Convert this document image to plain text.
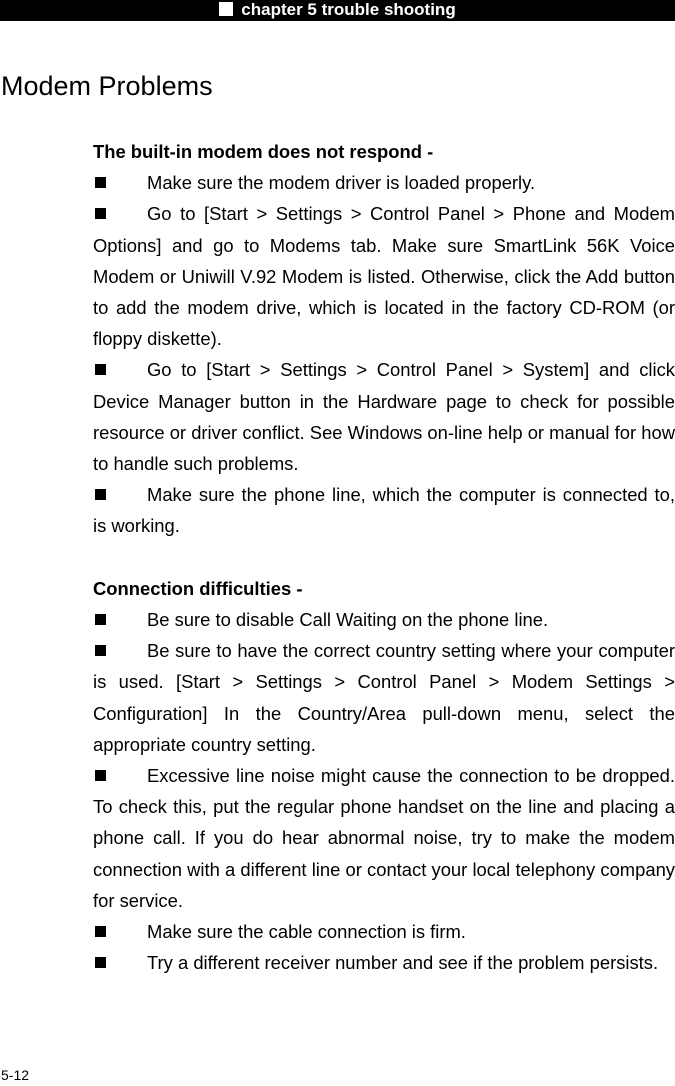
chapter 5 trouble shooting
Modem Problems

The built-in modem does not respond -

Make sure the modem driver is loaded properly.

Go to [Start > Settings > Control Panel > Phone and Modem Options] and go to Modems tab. Make sure SmartLink 56K Voice Modem or Uniwill V.92 Modem is listed. Otherwise, click the Add button to add the modem drive, which is located in the factory CD-ROM (or floppy diskette).

Go to [Start > Settings > Control Panel > System] and click Device Manager button in the Hardware page to check for possible resource or driver conflict. See Windows on-line help or manual for how to handle such problems.

Make sure the phone line, which the computer is connected to, is working.

Connection difficulties -

Be sure to disable Call Waiting on the phone line.

Be sure to have the correct country setting where your computer is used. [Start > Settings > Control Panel > Modem Settings > Configuration] In the Country/Area pull-down menu, select the appropriate country setting.

Excessive line noise might cause the connection to be dropped. To check this, put the regular phone handset on the line and placing a phone call. If you do hear abnormal noise, try to make the modem connection with a different line or contact your local telephony company for service.

Make sure the cable connection is firm.

Try a different receiver number and see if the problem persists.

5-12
